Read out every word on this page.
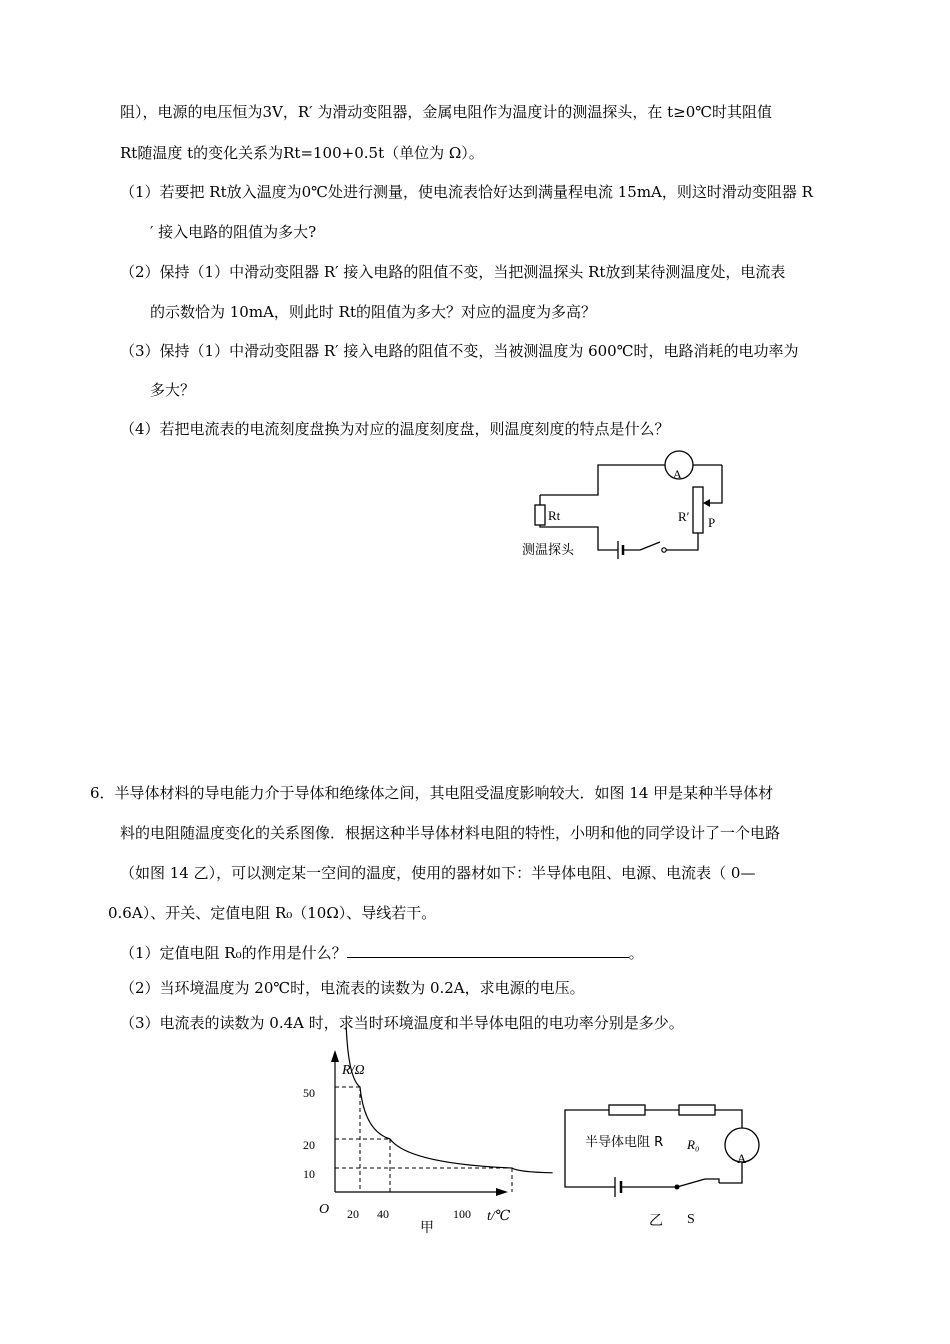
阻），电源的电压恒为3V，R′ 为滑动变阻器，金属电阻作为温度计的测温探头，在 t≥0℃时其阻值
Rt随温度 t的变化关系为Rt=100+0.5t（单位为 Ω）。
（1）若要把 Rt放入温度为0℃处进行测量，使电流表恰好达到满量程电流 15mA，则这时滑动变阻器 R
′ 接入电路的阻值为多大?
（2）保持（1）中滑动变阻器 R′ 接入电路的阻值不变，当把测温探头 Rt放到某待测温度处，电流表
的示数恰为 10mA，则此时 Rt的阻值为多大？对应的温度为多高？
（3）保持（1）中滑动变阻器 R′ 接入电路的阻值不变，当被测温度为 600℃时，电路消耗的电功率为
多大？
（4）若把电流表的电流刻度盘换为对应的温度刻度盘，则温度刻度的特点是什么？
A
Rt	R′ P
测温探头
6．半导体材料的导电能力介于导体和绝缘体之间，其电阻受温度影响较大．如图 14 甲是某种半导体材
料的电阻随温度变化的关系图像．根据这种半导体材料电阻的特性，小明和他的同学设计了一个电路
（如图 14 乙），可以测定某一空间的温度，使用的器材如下：半导体电阻、电源、电流表（ 0—
0.6A）、开关、定值电阻 R₀（10Ω）、导线若干。
（1）定值电阻 R₀的作用是什么？	。
（2）当环境温度为 20℃时，电流表的读数为 0.2A，求电源的电压。
（3）电流表的读数为 0.4A 时，求当时环境温度和半导体电阻的电功率分别是多少。
R/Ω
O
50
20
10
20 40	100 t/℃
甲
半导体电阻 R R₀
A
乙 S
